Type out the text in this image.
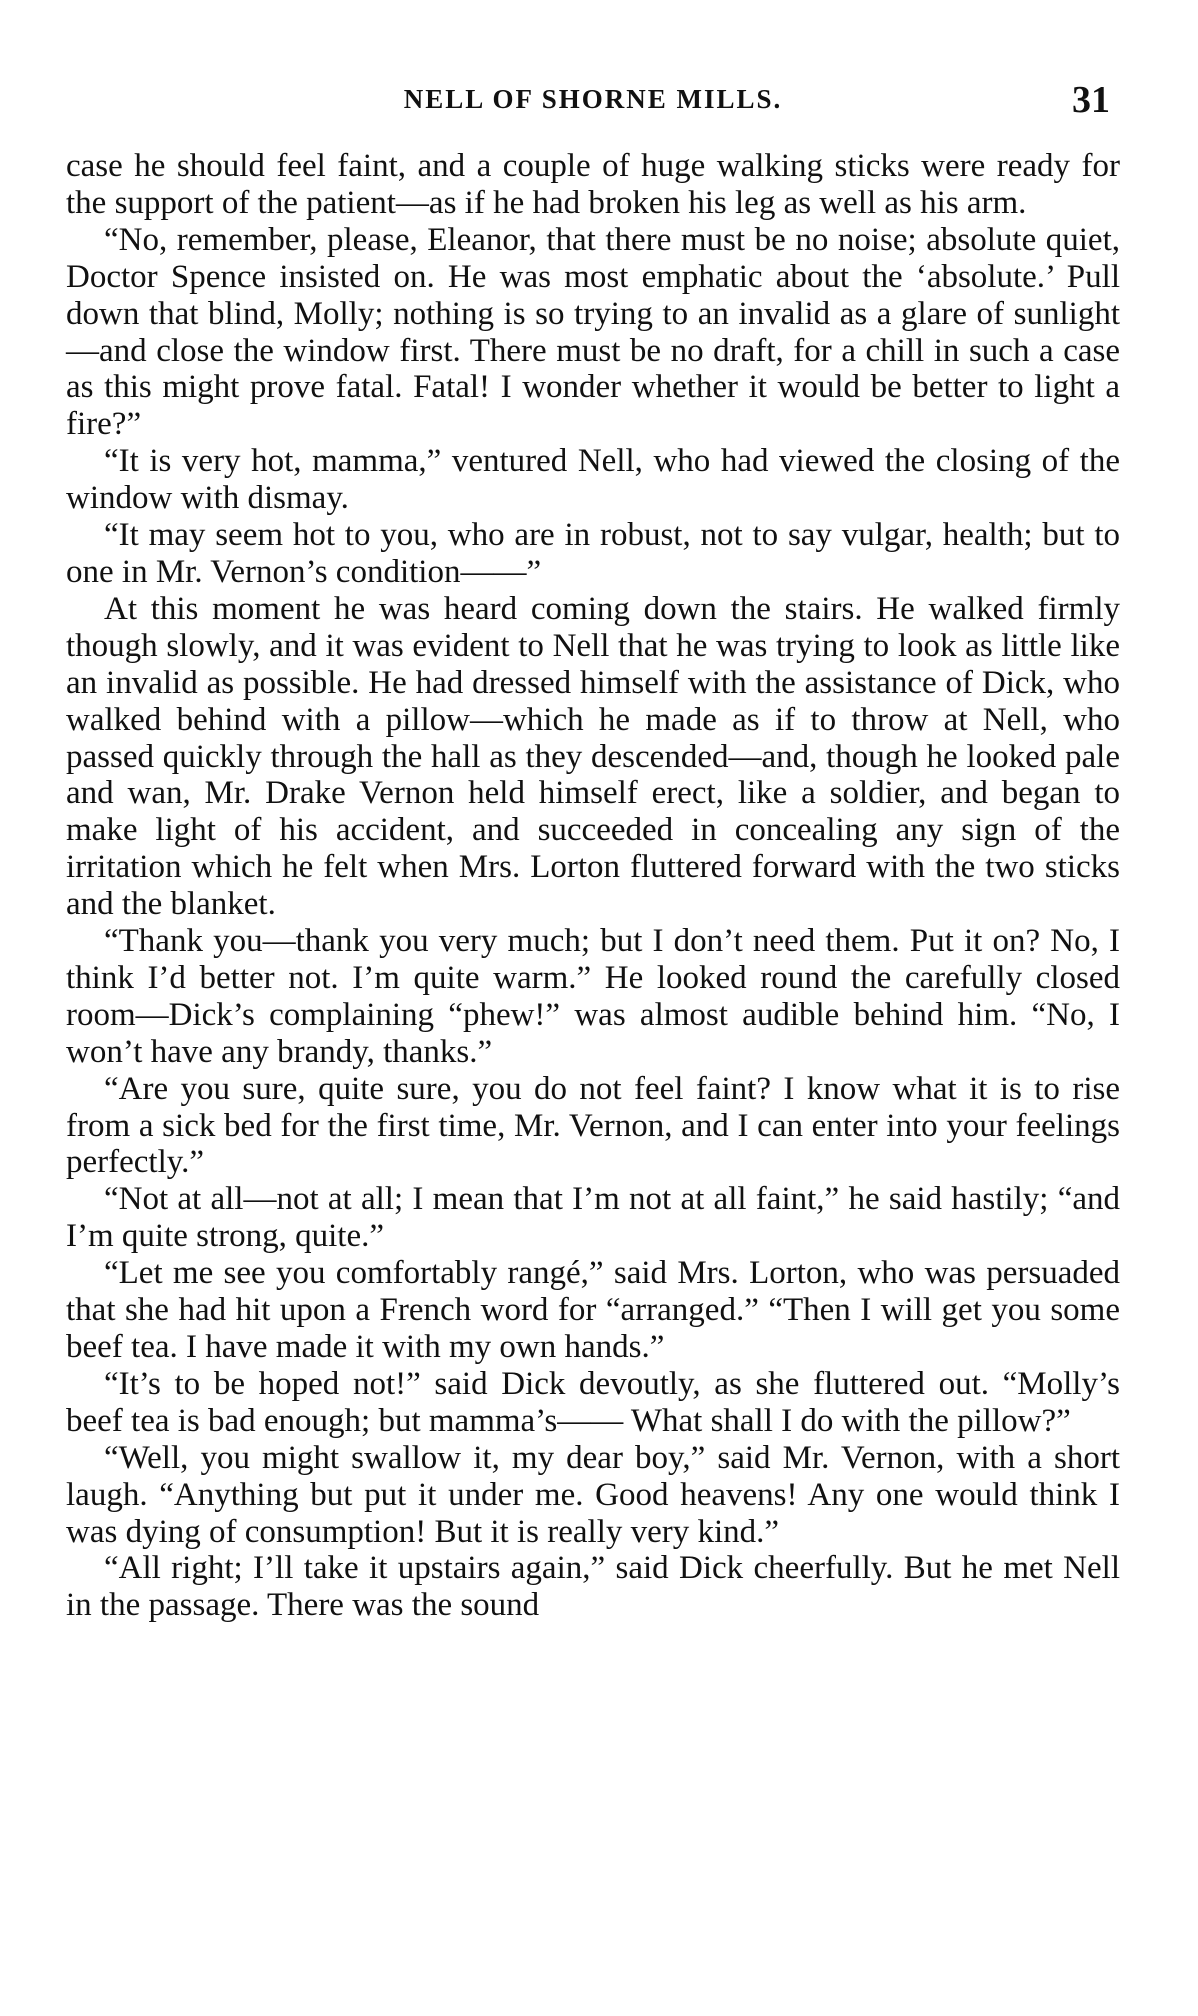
NELL OF SHORNE MILLS.	31

case he should feel faint, and a couple of huge walking sticks were ready for the support of the patient—as if he had broken his leg as well as his arm.

“No, remember, please, Eleanor, that there must be no noise; absolute quiet, Doctor Spence insisted on. He was most emphatic about the ‘absolute.’ Pull down that blind, Molly; nothing is so trying to an invalid as a glare of sunlight—and close the window first. There must be no draft, for a chill in such a case as this might prove fatal. Fatal! I wonder whether it would be better to light a fire?”

“It is very hot, mamma,” ventured Nell, who had viewed the closing of the window with dismay.

“It may seem hot to you, who are in robust, not to say vulgar, health; but to one in Mr. Vernon’s condition——”

At this moment he was heard coming down the stairs. He walked firmly though slowly, and it was evident to Nell that he was trying to look as little like an invalid as possible. He had dressed himself with the assistance of Dick, who walked behind with a pillow—which he made as if to throw at Nell, who passed quickly through the hall as they descended—and, though he looked pale and wan, Mr. Drake Vernon held himself erect, like a soldier, and began to make light of his accident, and succeeded in concealing any sign of the irritation which he felt when Mrs. Lorton fluttered forward with the two sticks and the blanket.

“Thank you—thank you very much; but I don’t need them. Put it on? No, I think I’d better not. I’m quite warm.” He looked round the carefully closed room—Dick’s complaining “phew!” was almost audible behind him. “No, I won’t have any brandy, thanks.”

“Are you sure, quite sure, you do not feel faint? I know what it is to rise from a sick bed for the first time, Mr. Vernon, and I can enter into your feelings perfectly.”

“Not at all—not at all; I mean that I’m not at all faint,” he said hastily; “and I’m quite strong, quite.”

“Let me see you comfortably rangé,” said Mrs. Lorton, who was persuaded that she had hit upon a French word for “arranged.” “Then I will get you some beef tea. I have made it with my own hands.”

“It’s to be hoped not!” said Dick devoutly, as she fluttered out. “Molly’s beef tea is bad enough; but mamma’s—— What shall I do with the pillow?”

“Well, you might swallow it, my dear boy,” said Mr. Vernon, with a short laugh. “Anything but put it under me. Good heavens! Any one would think I was dying of consumption! But it is really very kind.”

“All right; I’ll take it upstairs again,” said Dick cheerfully. But he met Nell in the passage. There was the sound
